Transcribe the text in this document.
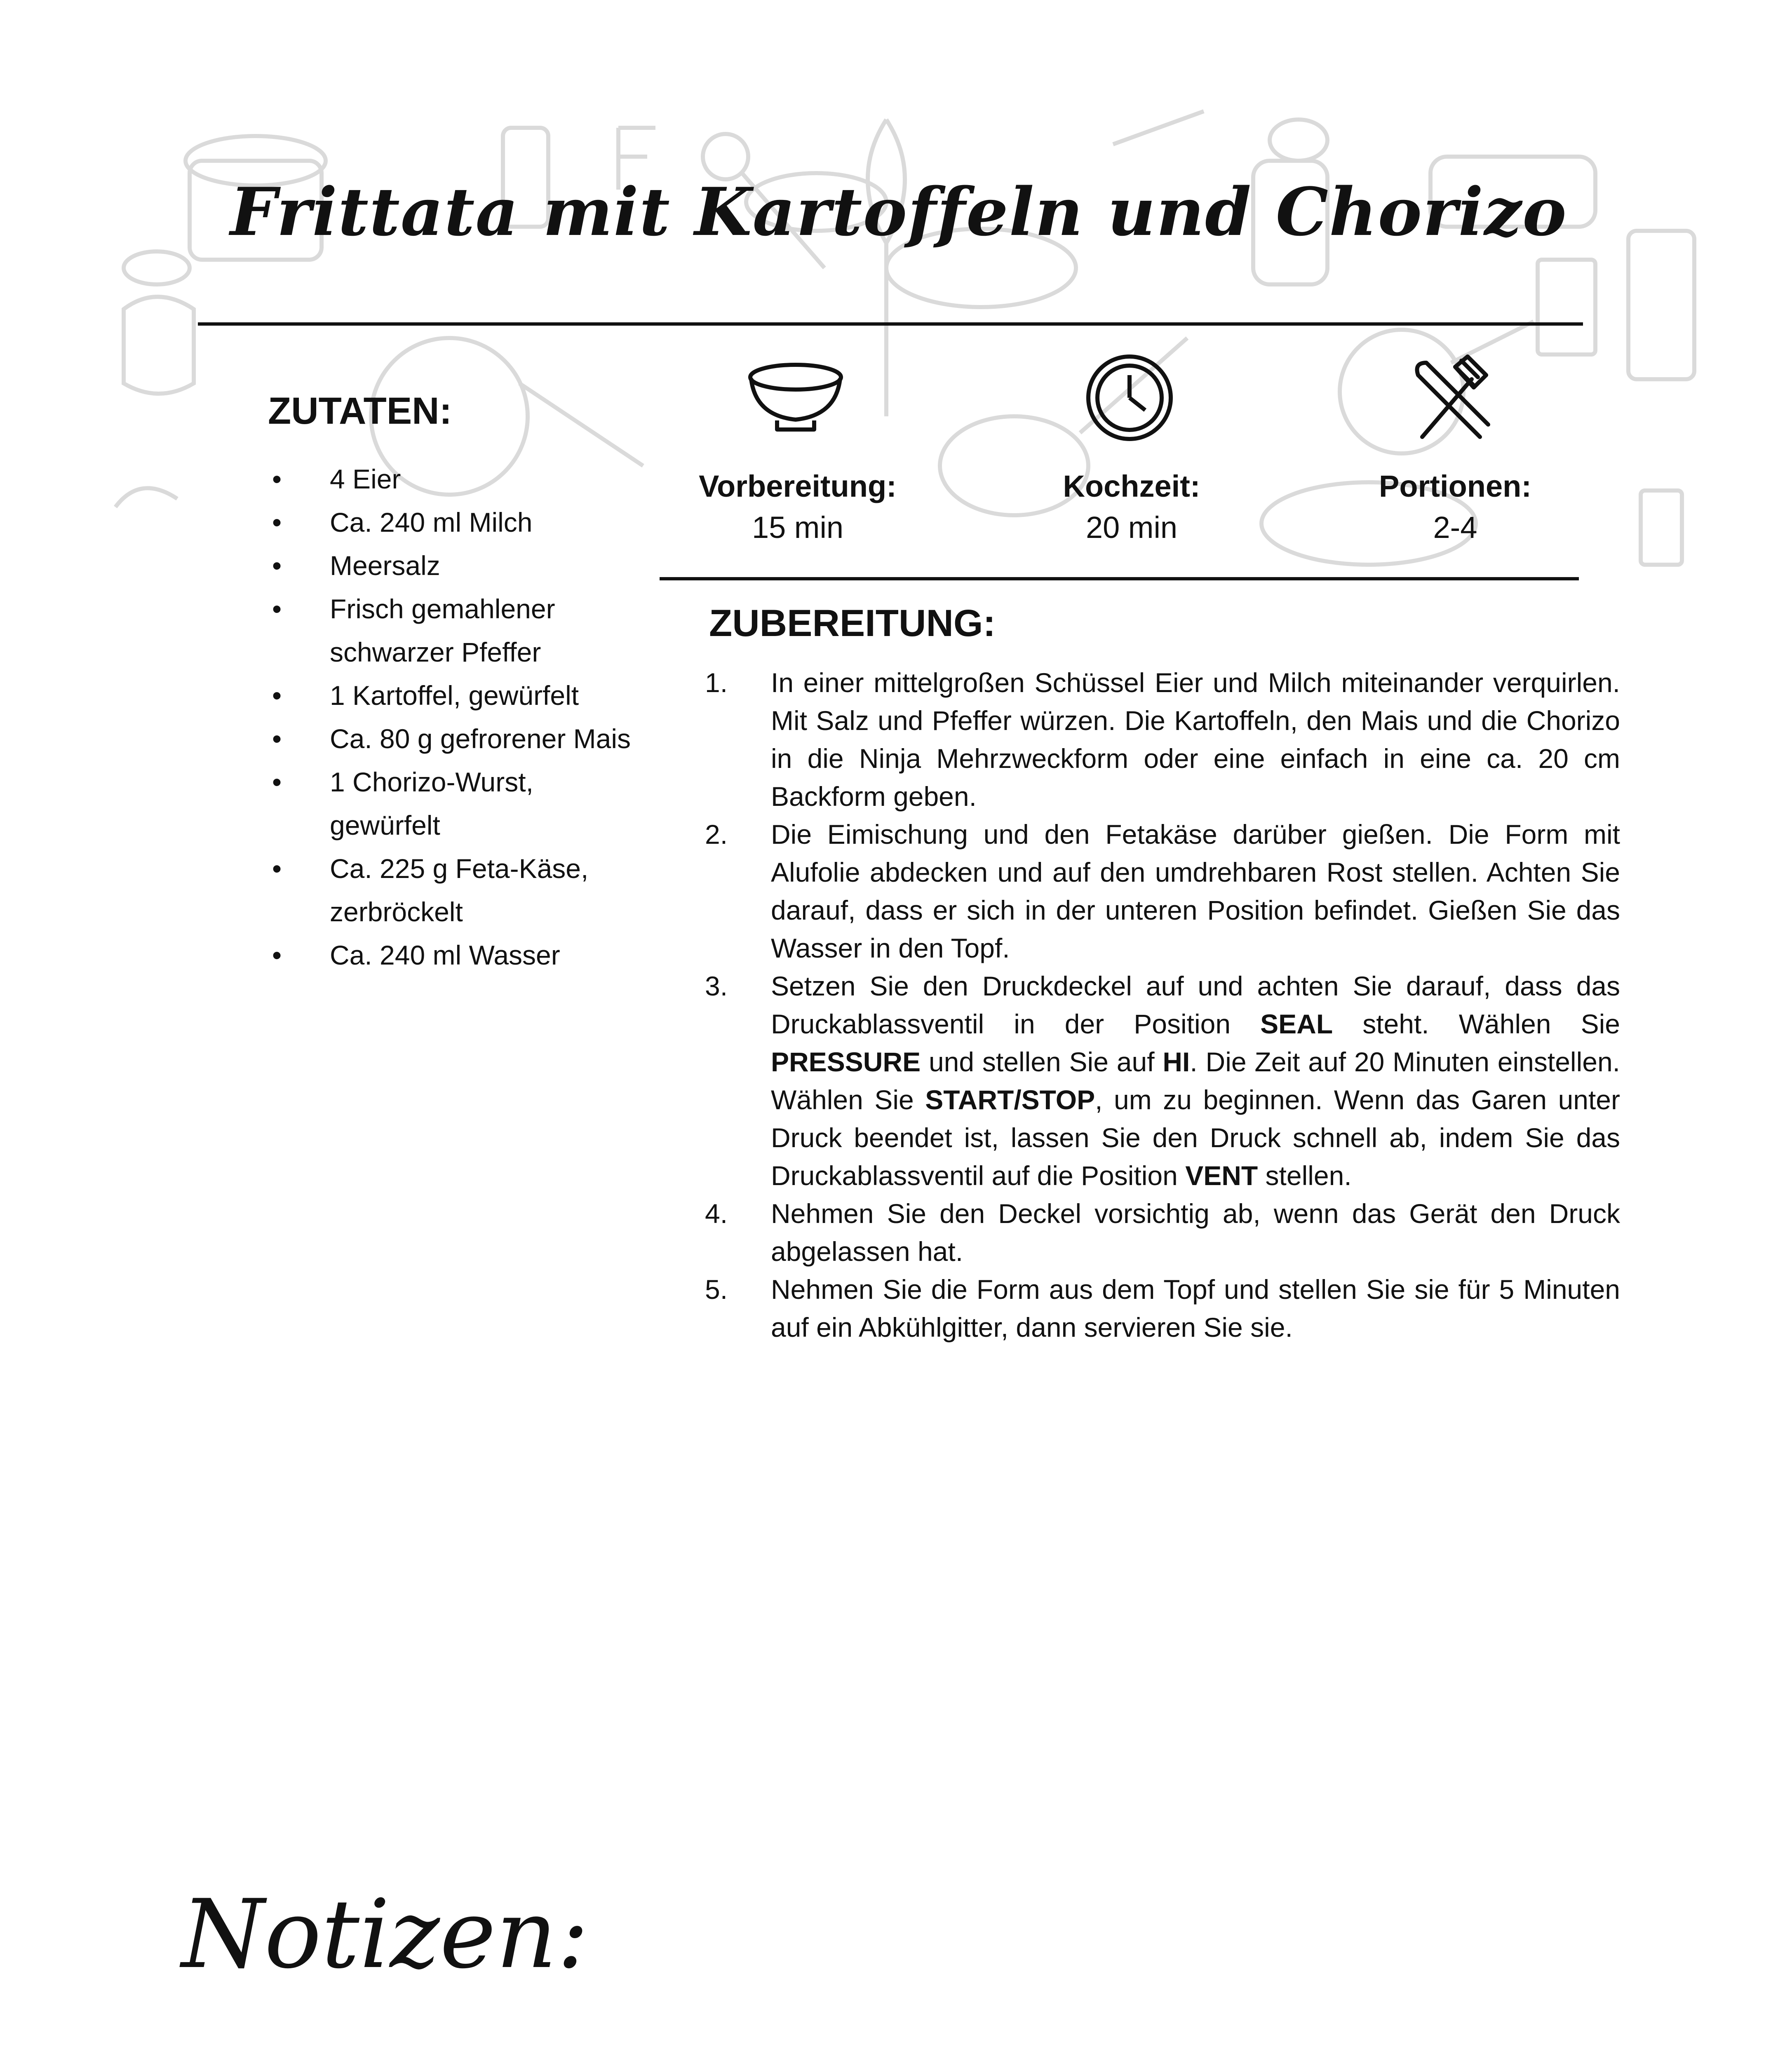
Frittata mit Kartoffeln und Chorizo
ZUTATEN:
• 4 Eier
• Ca. 240 ml Milch
• Meersalz
• Frisch gemahlener
schwarzer Pfeffer
• 1 Kartoffel, gewürfelt
• Ca. 80 g gefrorener Mais
• 1 Chorizo-Wurst,
gewürfelt
• Ca. 225 g Feta-Käse,
zerbröckelt
• Ca. 240 ml Wasser
Vorbereitung:
15 min
Kochzeit:
20 min
Portionen:
2-4
ZUBEREITUNG:
1. In einer mittelgroßen Schüssel Eier und Milch miteinander verquirlen. Mit Salz und Pfeffer würzen. Die Kartoffeln, den Mais und die Chorizo in die Ninja Mehrzweckform oder eine einfach in eine ca. 20 cm Backform geben.
2. Die Eimischung und den Fetakäse darüber gießen. Die Form mit Alufolie abdecken und auf den umdrehbaren Rost stellen. Achten Sie darauf, dass er sich in der unteren Position befindet. Gießen Sie das Wasser in den Topf.
3. Setzen Sie den Druckdeckel auf und achten Sie darauf, dass das Druckablassventil in der Position SEAL steht. Wählen Sie PRESSURE und stellen Sie auf HI. Die Zeit auf 20 Minuten einstellen. Wählen Sie START/STOP, um zu beginnen. Wenn das Garen unter Druck beendet ist, lassen Sie den Druck schnell ab, indem Sie das Druckablassventil auf die Position VENT stellen.
4. Nehmen Sie den Deckel vorsichtig ab, wenn das Gerät den Druck abgelassen hat.
5. Nehmen Sie die Form aus dem Topf und stellen Sie sie für 5 Minuten auf ein Abkühlgitter, dann servieren Sie sie.
Notizen:
